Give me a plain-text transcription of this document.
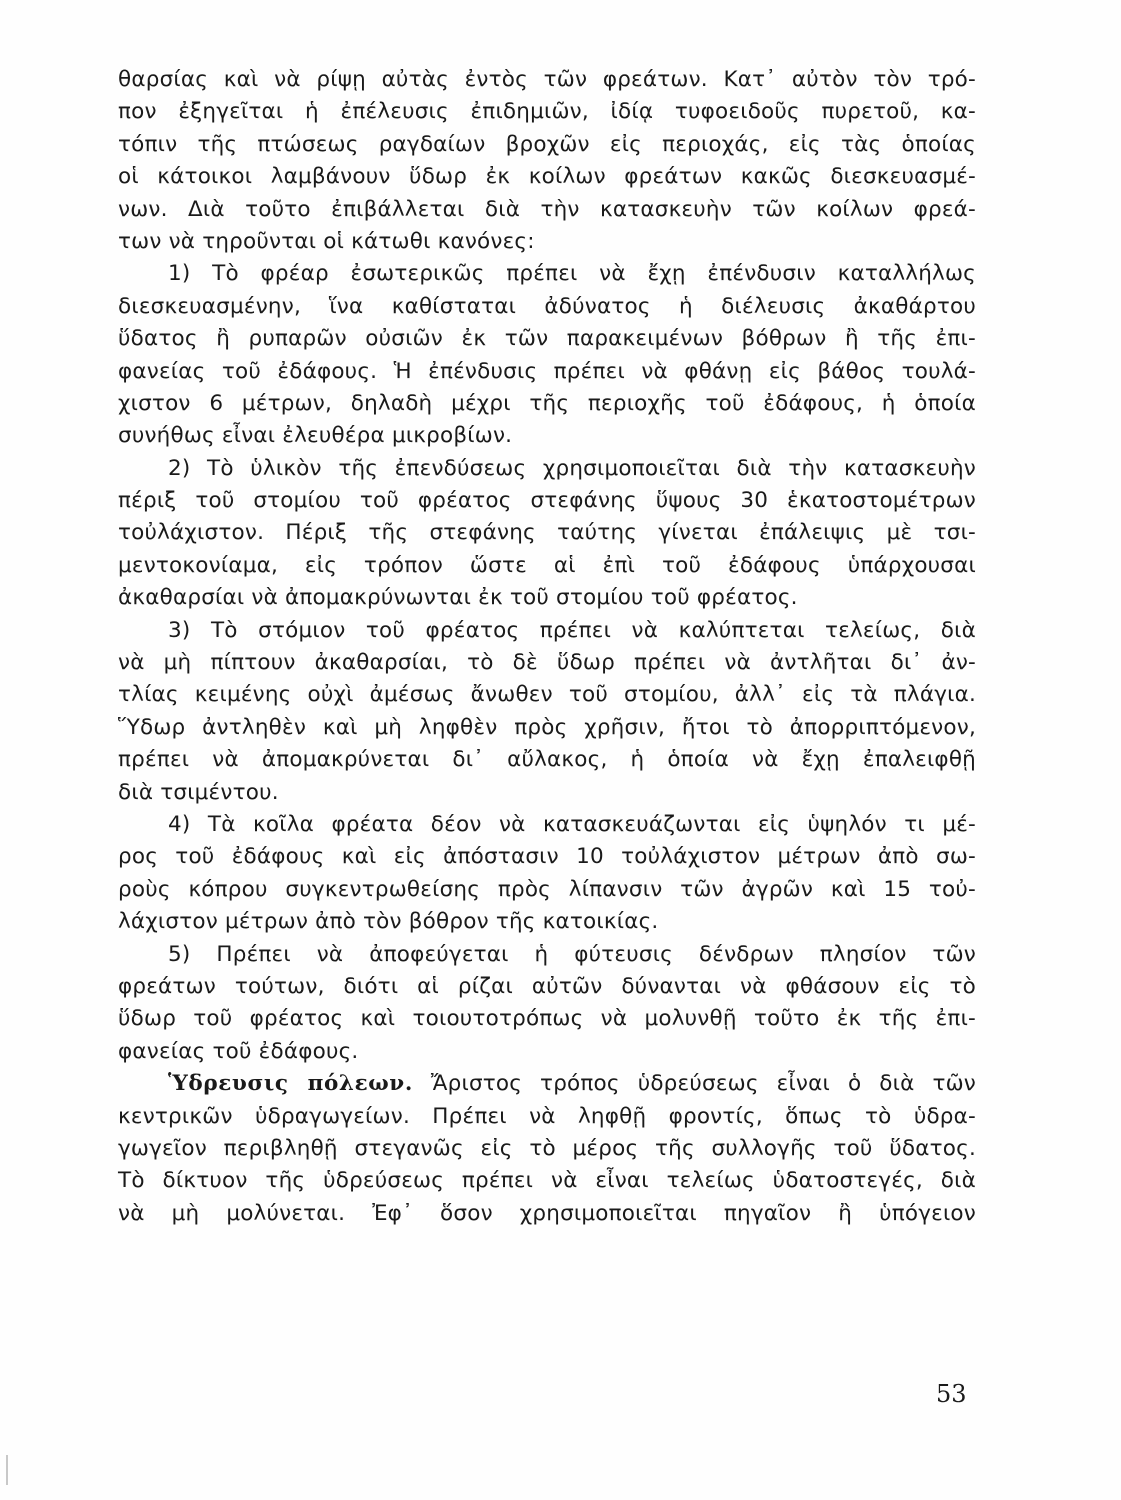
θαρσίας καὶ νὰ ρίψῃ αὐτὰς ἐντὸς τῶν φρεάτων. Κατ᾽ αὐτὸν τὸν τρό-
πον ἐξηγεῖται ἡ ἐπέλευσις ἐπιδημιῶν, ἰδίᾳ τυφοειδοῦς πυρετοῦ, κα-
τόπιν τῆς πτώσεως ραγδαίων βροχῶν εἰς περιοχάς, εἰς τὰς ὁποίας
οἱ κάτοικοι λαμβάνουν ὕδωρ ἐκ κοίλων φρεάτων κακῶς διεσκευασμέ-
νων. Διὰ τοῦτο ἐπιβάλλεται διὰ τὴν κατασκευὴν τῶν κοίλων φρεά-
των νὰ τηροῦνται οἱ κάτωθι κανόνες:
1) Τὸ φρέαρ ἐσωτερικῶς πρέπει νὰ ἔχῃ ἐπένδυσιν καταλλήλως
διεσκευασμένην, ἵνα καθίσταται ἀδύνατος ἡ διέλευσις ἀκαθάρτου
ὕδατος ἢ ρυπαρῶν οὐσιῶν ἐκ τῶν παρακειμένων βόθρων ἢ τῆς ἐπι-
φανείας τοῦ ἐδάφους. Ἡ ἐπένδυσις πρέπει νὰ φθάνῃ εἰς βάθος τουλά-
χιστον 6 μέτρων, δηλαδὴ μέχρι τῆς περιοχῆς τοῦ ἐδάφους, ἡ ὁποία
συνήθως εἶναι ἐλευθέρα μικροβίων.
2) Τὸ ὑλικὸν τῆς ἐπενδύσεως χρησιμοποιεῖται διὰ τὴν κατασκευὴν
πέριξ τοῦ στομίου τοῦ φρέατος στεφάνης ὕψους 30 ἑκατοστομέτρων
τοὐλάχιστον. Πέριξ τῆς στεφάνης ταύτης γίνεται ἐπάλειψις μὲ τσι-
μεντοκονίαμα, εἰς τρόπον ὥστε αἱ ἐπὶ τοῦ ἐδάφους ὑπάρχουσαι
ἀκαθαρσίαι νὰ ἀπομακρύνωνται ἐκ τοῦ στομίου τοῦ φρέατος.
3) Τὸ στόμιον τοῦ φρέατος πρέπει νὰ καλύπτεται τελείως, διὰ
νὰ μὴ πίπτουν ἀκαθαρσίαι, τὸ δὲ ὕδωρ πρέπει νὰ ἀντλῆται δι᾽ ἀν-
τλίας κειμένης οὐχὶ ἀμέσως ἄνωθεν τοῦ στομίου, ἀλλ᾽ εἰς τὰ πλάγια.
Ὕδωρ ἀντληθὲν καὶ μὴ ληφθὲν πρὸς χρῆσιν, ἤτοι τὸ ἀπορριπτόμενον,
πρέπει νὰ ἀπομακρύνεται δι᾽ αὔλακος, ἡ ὁποία νὰ ἔχῃ ἐπαλειφθῇ
διὰ τσιμέντου.
4) Τὰ κοῖλα φρέατα δέον νὰ κατασκευάζωνται εἰς ὑψηλόν τι μέ-
ρος τοῦ ἐδάφους καὶ εἰς ἀπόστασιν 10 τοὐλάχιστον μέτρων ἀπὸ σω-
ροὺς κόπρου συγκεντρωθείσης πρὸς λίπανσιν τῶν ἀγρῶν καὶ 15 τοὐ-
λάχιστον μέτρων ἀπὸ τὸν βόθρον τῆς κατοικίας.
5) Πρέπει νὰ ἀποφεύγεται ἡ φύτευσις δένδρων πλησίον τῶν
φρεάτων τούτων, διότι αἱ ρίζαι αὐτῶν δύνανται νὰ φθάσουν εἰς τὸ
ὕδωρ τοῦ φρέατος καὶ τοιουτοτρόπως νὰ μολυνθῇ τοῦτο ἐκ τῆς ἐπι-
φανείας τοῦ ἐδάφους.
Ὑδρευσις πόλεων. Ἄριστος τρόπος ὑδρεύσεως εἶναι ὁ διὰ τῶν
κεντρικῶν ὑδραγωγείων. Πρέπει νὰ ληφθῇ φροντίς, ὅπως τὸ ὑδρα-
γωγεῖον περιβληθῇ στεγανῶς εἰς τὸ μέρος τῆς συλλογῆς τοῦ ὕδατος.
Τὸ δίκτυον τῆς ὑδρεύσεως πρέπει νὰ εἶναι τελείως ὑδατοστεγές, διὰ
νὰ μὴ μολύνεται. Ἐφ᾽ ὅσον χρησιμοποιεῖται πηγαῖον ἢ ὑπόγειον
53
